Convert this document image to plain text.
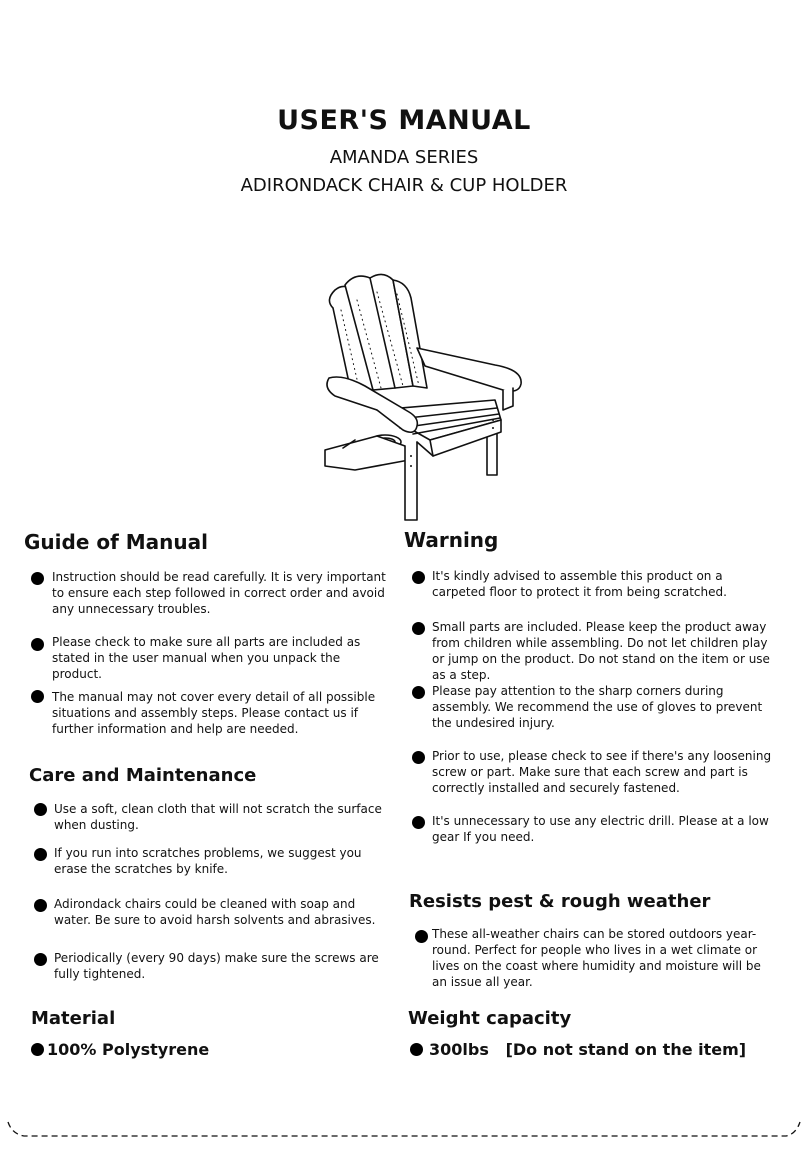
USER'S MANUAL
AMANDA SERIES
ADIRONDACK CHAIR & CUP HOLDER
Guide of Manual
Instruction should be read carefully. It is very important to ensure each step followed in correct order and avoid any unnecessary troubles.
Please check to make sure all parts are included as stated in the user manual when you unpack the product.
The manual may not cover every detail of all possible situations and assembly steps. Please contact us if further information and help are needed.
Care and Maintenance
Use a soft, clean cloth that will not scratch the surface when dusting.
If you run into scratches problems, we suggest you erase the scratches by knife.
Adirondack chairs could be cleaned with soap and water. Be sure to avoid harsh solvents and abrasives.
Periodically (every 90 days) make sure the screws are fully tightened.
Material
100% Polystyrene
Warning
It's kindly advised to assemble this product on a carpeted floor to protect it from being scratched.
Small parts are included. Please keep the product away from children while assembling. Do not let children play or jump on the product. Do not stand on the item or use as a step.
Please pay attention to the sharp corners during assembly. We recommend the use of gloves to prevent the undesired injury.
Prior to use, please check to see if there's any loosening screw or part. Make sure that each screw and part is correctly installed and securely fastened.
It's unnecessary to use any electric drill. Please at a low gear If you need.
Resists pest & rough weather
These all-weather chairs can be stored outdoors year-round. Perfect for people who lives in a wet climate or lives on the coast where humidity and moisture will be an issue all year.
Weight capacity
300lbs   [Do not stand on the item]
